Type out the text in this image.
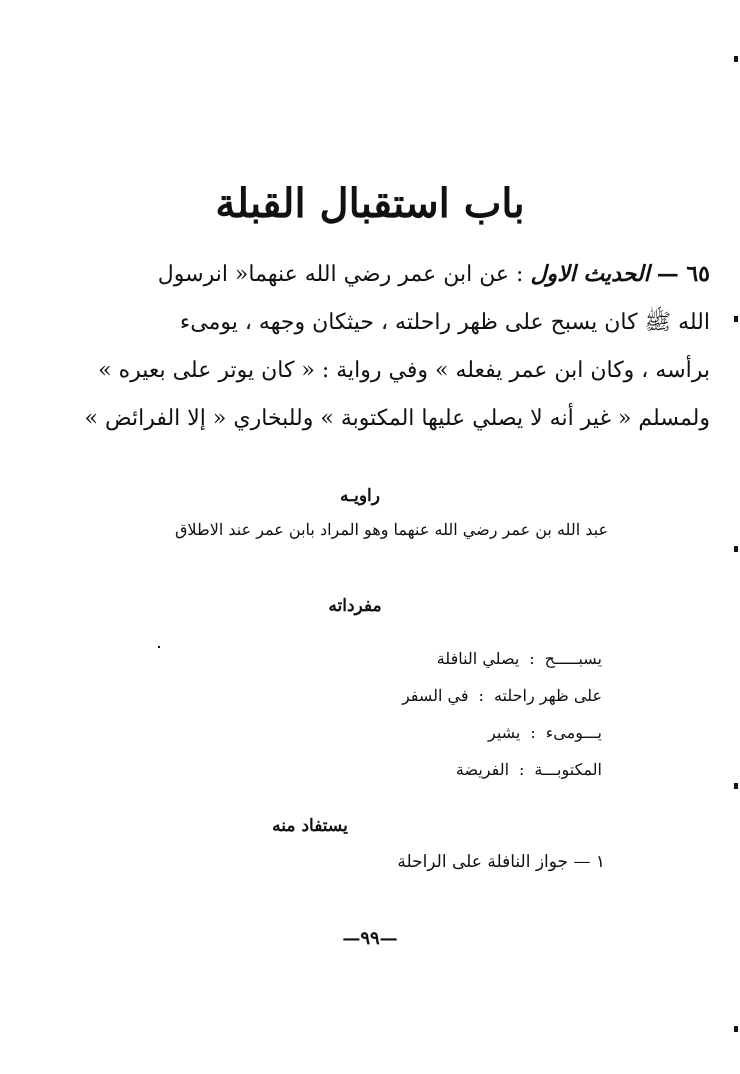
باب استقبال القبلة
٦٥ — الحديث الاول : عن ابن عمر رضي الله عنهما« انرسول
الله ﷺ كان يسبح على ظهر راحلته ، حيثكان وجهه ، يومىء
برأسه ، وكان ابن عمر يفعله » وفي رواية : « كان يوتر على بعيره »
ولمسلم « غير أنه لا يصلي عليها المكتوبة » وللبخاري « إلا الفرائض »
راويـه
عبد الله بن عمر رضي الله عنهما وهو المراد بابن عمر عند الاطلاق
مفرداته
يسبـــــح
:
يصلي النافلة
على ظهر راحلته
:
في السفر
يـــومىء
:
يشير
المكتوبـــة
:
الفريضة
يستفاد منه
١ — جواز النافلة على الراحلة
—٩٩—
